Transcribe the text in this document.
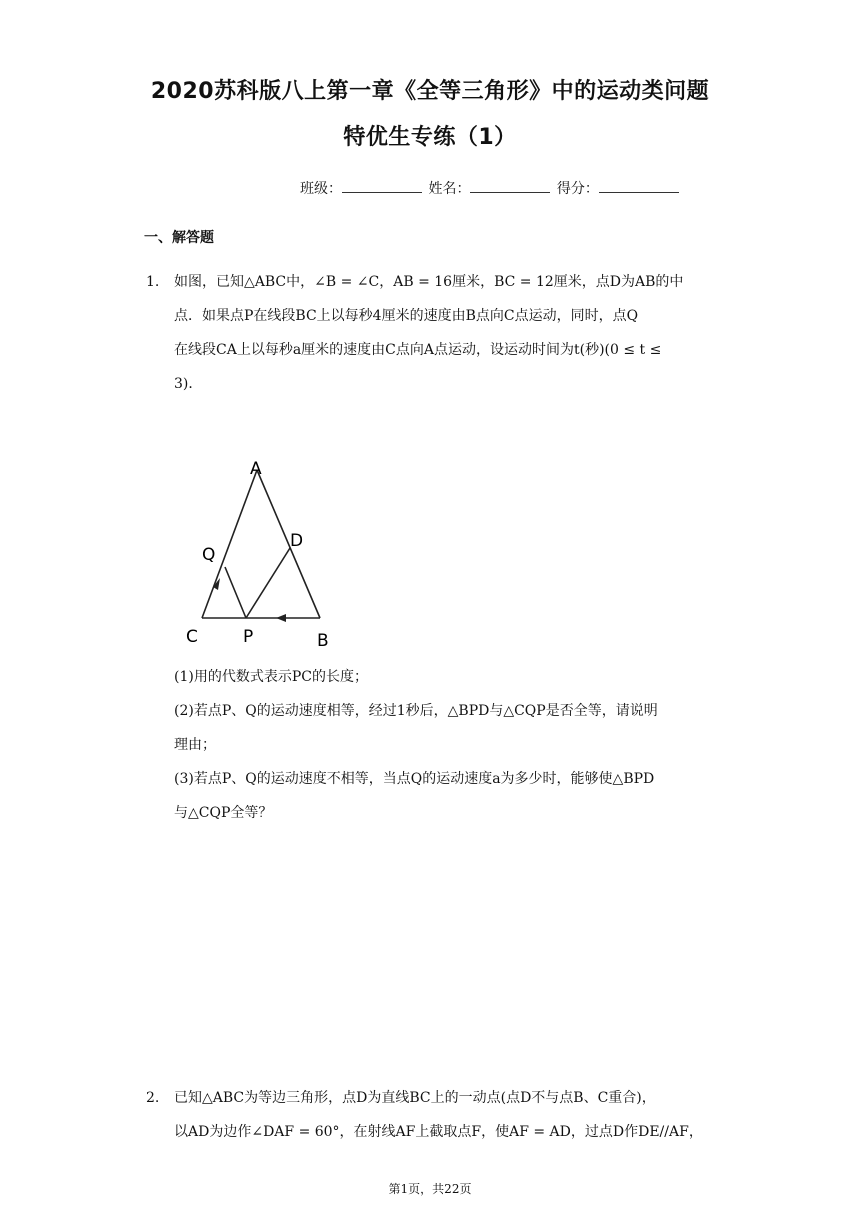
2020苏科版八上第一章《全等三角形》中的运动类问题
特优生专练（1）
班级：	姓名：	得分：
一、解答题
1. 如图，已知△ABC中，∠B = ∠C，AB = 16厘米，BC = 12厘米，点D为AB的中
点．如果点P在线段BC上以每秒4厘米的速度由B点向C点运动，同时，点Q
在线段CA上以每秒a厘米的速度由C点向A点运动，设运动时间为t(秒)(0 ≤ t ≤
3)．
A
D
Q
C	P	B
(1)用的代数式表示PC的长度；
(2)若点P、Q的运动速度相等，经过1秒后，△BPD与△CQP是否全等，请说明
理由；
(3)若点P、Q的运动速度不相等，当点Q的运动速度a为多少时，能够使△BPD
与△CQP全等？
2. 已知△ABC为等边三角形，点D为直线BC上的一动点(点D不与点B、C重合)，
以AD为边作∠DAF = 60°，在射线AF上截取点F，使AF = AD，过点D作DE//AF，
第1页，共22页
